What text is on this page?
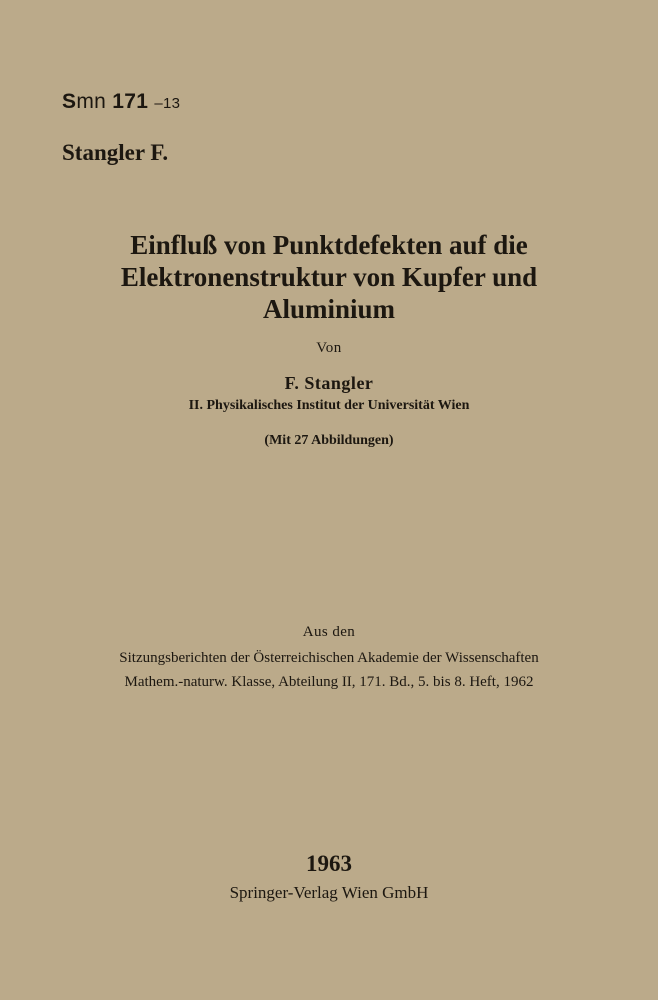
Smn 171 –13
Stangler F.
Einfluß von Punktdefekten auf die
Elektronenstruktur von Kupfer und
Aluminium
Von
F. Stangler
II. Physikalisches Institut der Universität Wien
(Mit 27 Abbildungen)
Aus den
Sitzungsberichten der Österreichischen Akademie der Wissenschaften
Mathem.-naturw. Klasse, Abteilung II, 171. Bd., 5. bis 8. Heft, 1962
1963
Springer-Verlag Wien GmbH
